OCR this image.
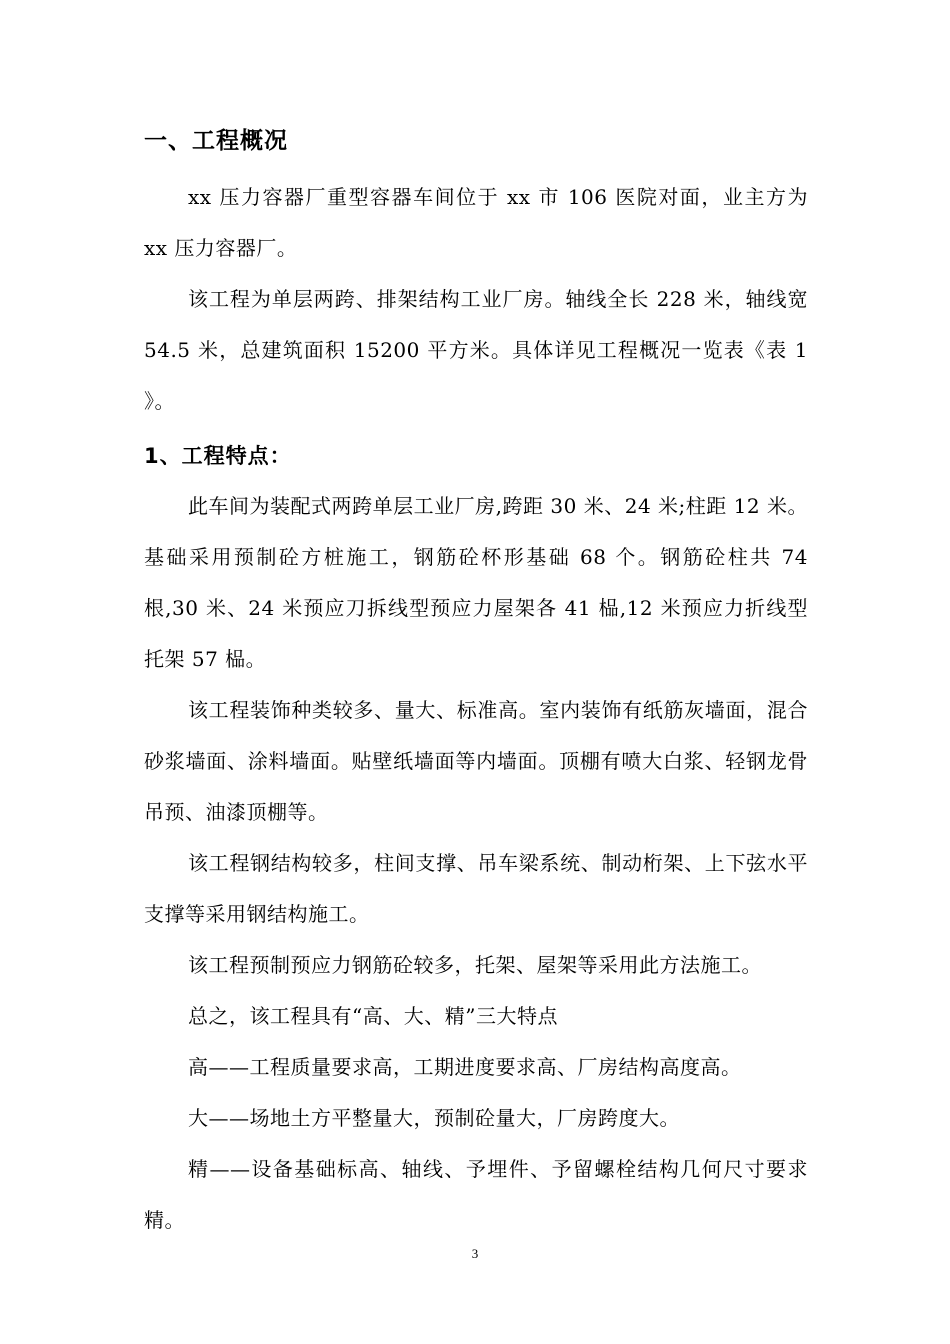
一、工程概况

xx 压力容器厂重型容器车间位于 xx 市 106 医院对面，业主方为 xx 压力容器厂。

该工程为单层两跨、排架结构工业厂房。轴线全长 228 米，轴线宽 54.5 米，总建筑面积 15200 平方米。具体详见工程概况一览表《表 1 》。

1、工程特点：

此车间为装配式两跨单层工业厂房,跨距 30 米、24 米;柱距 12 米。基础采用预制砼方桩施工，钢筋砼杯形基础 68 个。钢筋砼柱共 74 根,30 米、24 米预应刀拆线型预应力屋架各 41 榀,12 米预应力折线型托架 57 榀。

该工程装饰种类较多、量大、标准高。室内装饰有纸筋灰墙面，混合砂浆墙面、涂料墙面。贴壁纸墙面等内墙面。顶棚有喷大白浆、轻钢龙骨吊预、油漆顶棚等。

该工程钢结构较多，柱间支撑、吊车梁系统、制动桁架、上下弦水平支撑等采用钢结构施工。

该工程预制预应力钢筋砼较多，托架、屋架等采用此方法施工。

总之，该工程具有“高、大、精”三大特点

高——工程质量要求高，工期进度要求高、厂房结构高度高。

大——场地土方平整量大，预制砼量大，厂房跨度大。

精——设备基础标高、轴线、予埋件、予留螺栓结构几何尺寸要求精。

3
